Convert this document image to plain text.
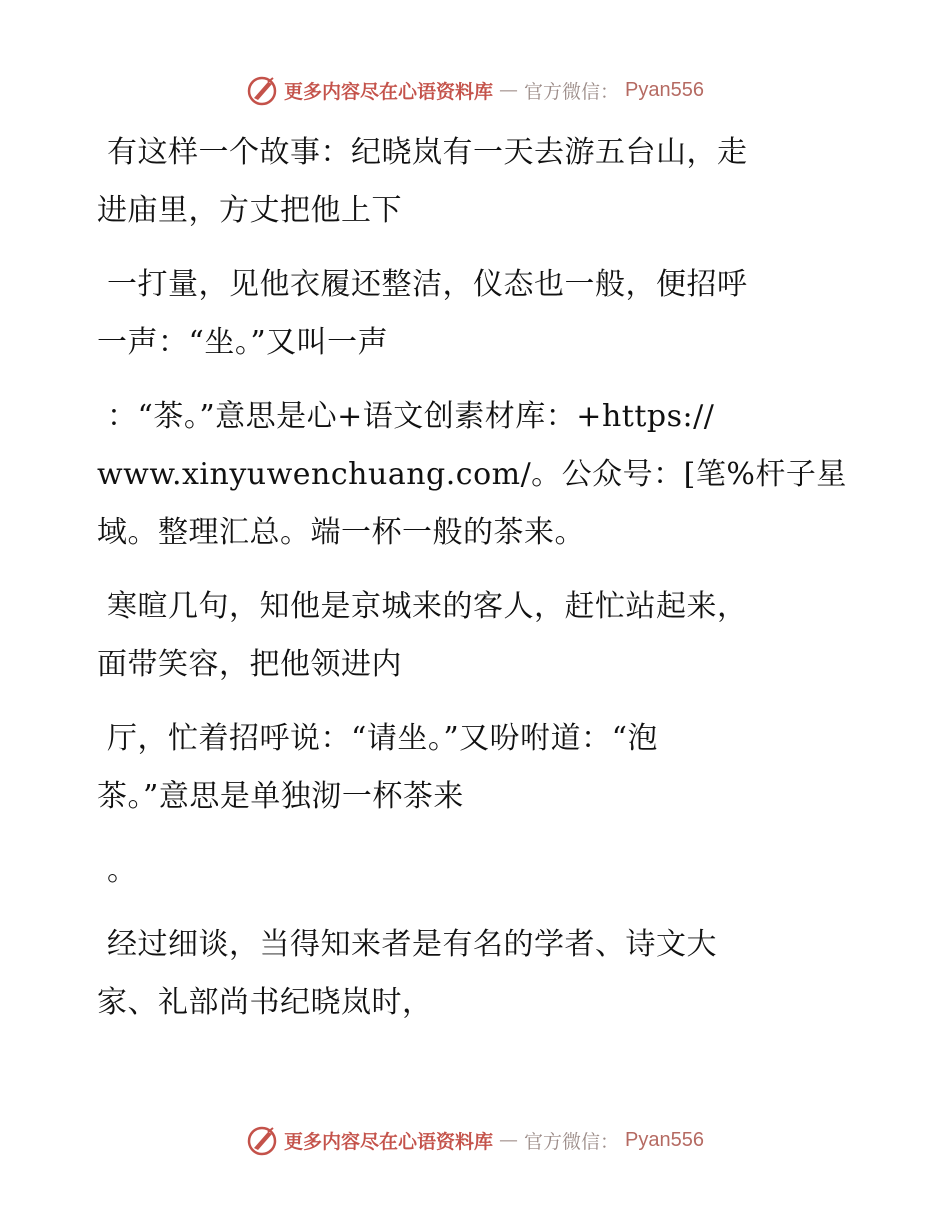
更多内容尽在心语资料库 — 官方微信： Pyan556
有这样一个故事：纪晓岚有一天去游五台山，走
进庙里，方丈把他上下
一打量，见他衣履还整洁，仪态也一般，便招呼
一声：“坐。”又叫一声
：“茶。”意思是心+语文创素材库：+https://
www.xinyuwenchuang.com/。公众号：[笔%杆子星
域。整理汇总。端一杯一般的茶来。
寒暄几句，知他是京城来的客人，赶忙站起来，
面带笑容，把他领进内
厅，忙着招呼说：“请坐。”又吩咐道：“泡
茶。”意思是单独沏一杯茶来
。
经过细谈，当得知来者是有名的学者、诗文大
家、礼部尚书纪晓岚时，
更多内容尽在心语资料库 — 官方微信： Pyan556
